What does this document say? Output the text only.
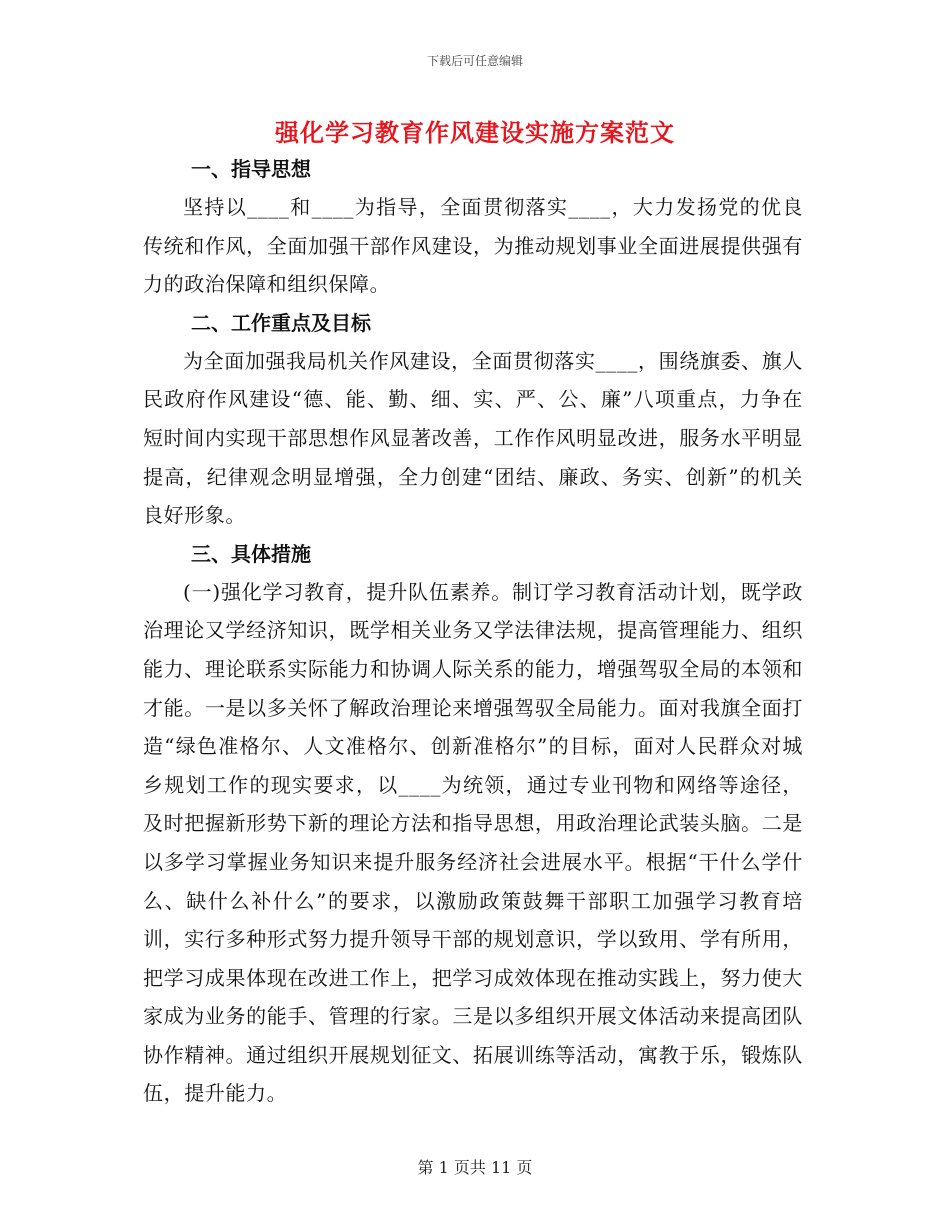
下载后可任意编辑
强化学习教育作风建设实施方案范文

一、指导思想

坚持以____和____为指导，全面贯彻落实____，大力发扬党的优良传统和作风，全面加强干部作风建设，为推动规划事业全面进展提供强有力的政治保障和组织保障。

二、工作重点及目标

为全面加强我局机关作风建设，全面贯彻落实____，围绕旗委、旗人民政府作风建设“德、能、勤、细、实、严、公、廉”八项重点，力争在短时间内实现干部思想作风显著改善，工作作风明显改进，服务水平明显提高，纪律观念明显增强，全力创建“团结、廉政、务实、创新”的机关良好形象。

三、具体措施

(一)强化学习教育，提升队伍素养。制订学习教育活动计划，既学政治理论又学经济知识，既学相关业务又学法律法规，提高管理能力、组织能力、理论联系实际能力和协调人际关系的能力，增强驾驭全局的本领和才能。一是以多关怀了解政治理论来增强驾驭全局能力。面对我旗全面打造“绿色准格尔、人文准格尔、创新准格尔”的目标，面对人民群众对城乡规划工作的现实要求，以____为统领，通过专业刊物和网络等途径，及时把握新形势下新的理论方法和指导思想，用政治理论武装头脑。二是以多学习掌握业务知识来提升服务经济社会进展水平。根据“干什么学什么、缺什么补什么”的要求，以激励政策鼓舞干部职工加强学习教育培训，实行多种形式努力提升领导干部的规划意识，学以致用、学有所用，把学习成果体现在改进工作上，把学习成效体现在推动实践上，努力使大家成为业务的能手、管理的行家。三是以多组织开展文体活动来提高团队协作精神。通过组织开展规划征文、拓展训练等活动，寓教于乐，锻炼队伍，提升能力。

第 1 页共 11 页
